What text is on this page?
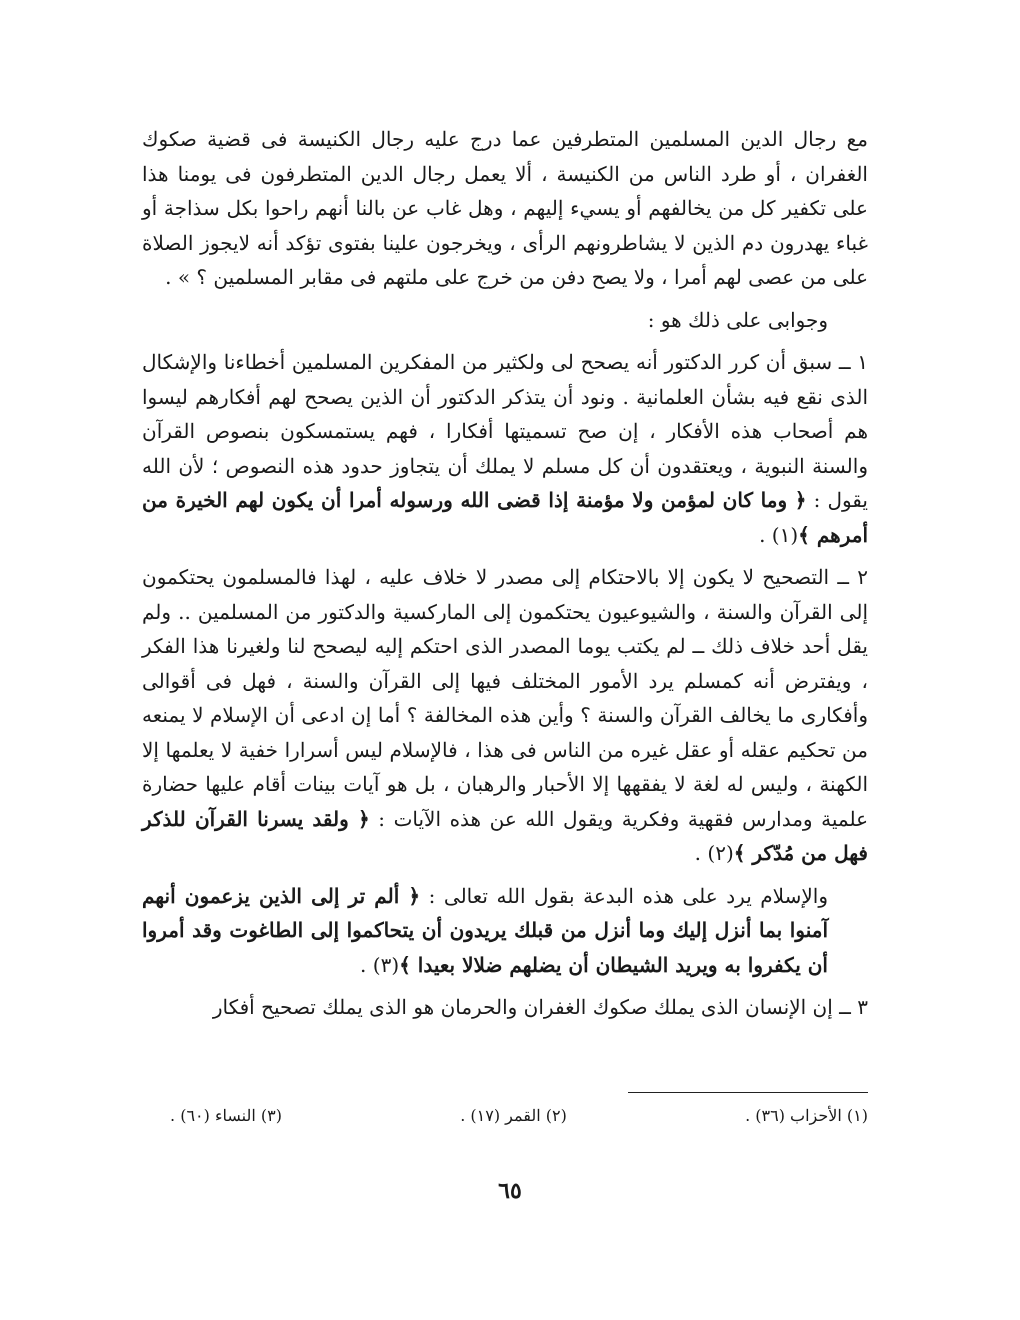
مع رجال الدين المسلمين المتطرفين عما درج عليه رجال الكنيسة فى قضية صكوك الغفران ، أو طرد الناس من الكنيسة ، ألا يعمل رجال الدين المتطرفون فى يومنا هذا على تكفير كل من يخالفهم أو يسيء إليهم ، وهل غاب عن بالنا أنهم راحوا بكل سذاجة أو غباء يهدرون دم الذين لا يشاطرونهم الرأى ، ويخرجون علينا بفتوى تؤكد أنه لايجوز الصلاة على من عصى لهم أمرا ، ولا يصح دفن من خرج على ملتهم فى مقابر المسلمين ؟ » .

وجوابى على ذلك هو :

١ ــ سبق أن كرر الدكتور أنه يصحح لى ولكثير من المفكرين المسلمين أخطاءنا والإشكال الذى نقع فيه بشأن العلمانية . ونود أن يتذكر الدكتور أن الذين يصحح لهم أفكارهم ليسوا هم أصحاب هذه الأفكار ، إن صح تسميتها أفكارا ، فهم يستمسكون بنصوص القرآن والسنة النبوية ، ويعتقدون أن كل مسلم لا يملك أن يتجاوز حدود هذه النصوص ؛ لأن الله يقول : ﴿ وما كان لمؤمن ولا مؤمنة إذا قضى الله ورسوله أمرا أن يكون لهم الخيرة من أمرهم ﴾(١) .

٢ ــ التصحيح لا يكون إلا بالاحتكام إلى مصدر لا خلاف عليه ، لهذا فالمسلمون يحتكمون إلى القرآن والسنة ، والشيوعيون يحتكمون إلى الماركسية والدكتور من المسلمين .. ولم يقل أحد خلاف ذلك ــ لم يكتب يوما المصدر الذى احتكم إليه ليصحح لنا ولغيرنا هذا الفكر ، ويفترض أنه كمسلم يرد الأمور المختلف فيها إلى القرآن والسنة ، فهل فى أقوالى وأفكارى ما يخالف القرآن والسنة ؟ وأين هذه المخالفة ؟ أما إن ادعى أن الإسلام لا يمنعه من تحكيم عقله أو عقل غيره من الناس فى هذا ، فالإسلام ليس أسرارا خفية لا يعلمها إلا الكهنة ، وليس له لغة لا يفقهها إلا الأحبار والرهبان ، بل هو آيات بينات أقام عليها حضارة علمية ومدارس فقهية وفكرية ويقول الله عن هذه الآيات : ﴿ ولقد يسرنا القرآن للذكر فهل من مُدّكر ﴾(٢) .

والإسلام يرد على هذه البدعة بقول الله تعالى : ﴿ ألم تر إلى الذين يزعمون أنهم آمنوا بما أنزل إليك وما أنزل من قبلك يريدون أن يتحاكموا إلى الطاغوت وقد أمروا أن يكفروا به ويريد الشيطان أن يضلهم ضلالا بعيدا ﴾(٣) .

٣ ــ إن الإنسان الذى يملك صكوك الغفران والحرمان هو الذى يملك تصحيح أفكار

(١) الأحزاب (٣٦) .
(٢) القمر (١٧) .
(٣) النساء (٦٠) .
٦٥
